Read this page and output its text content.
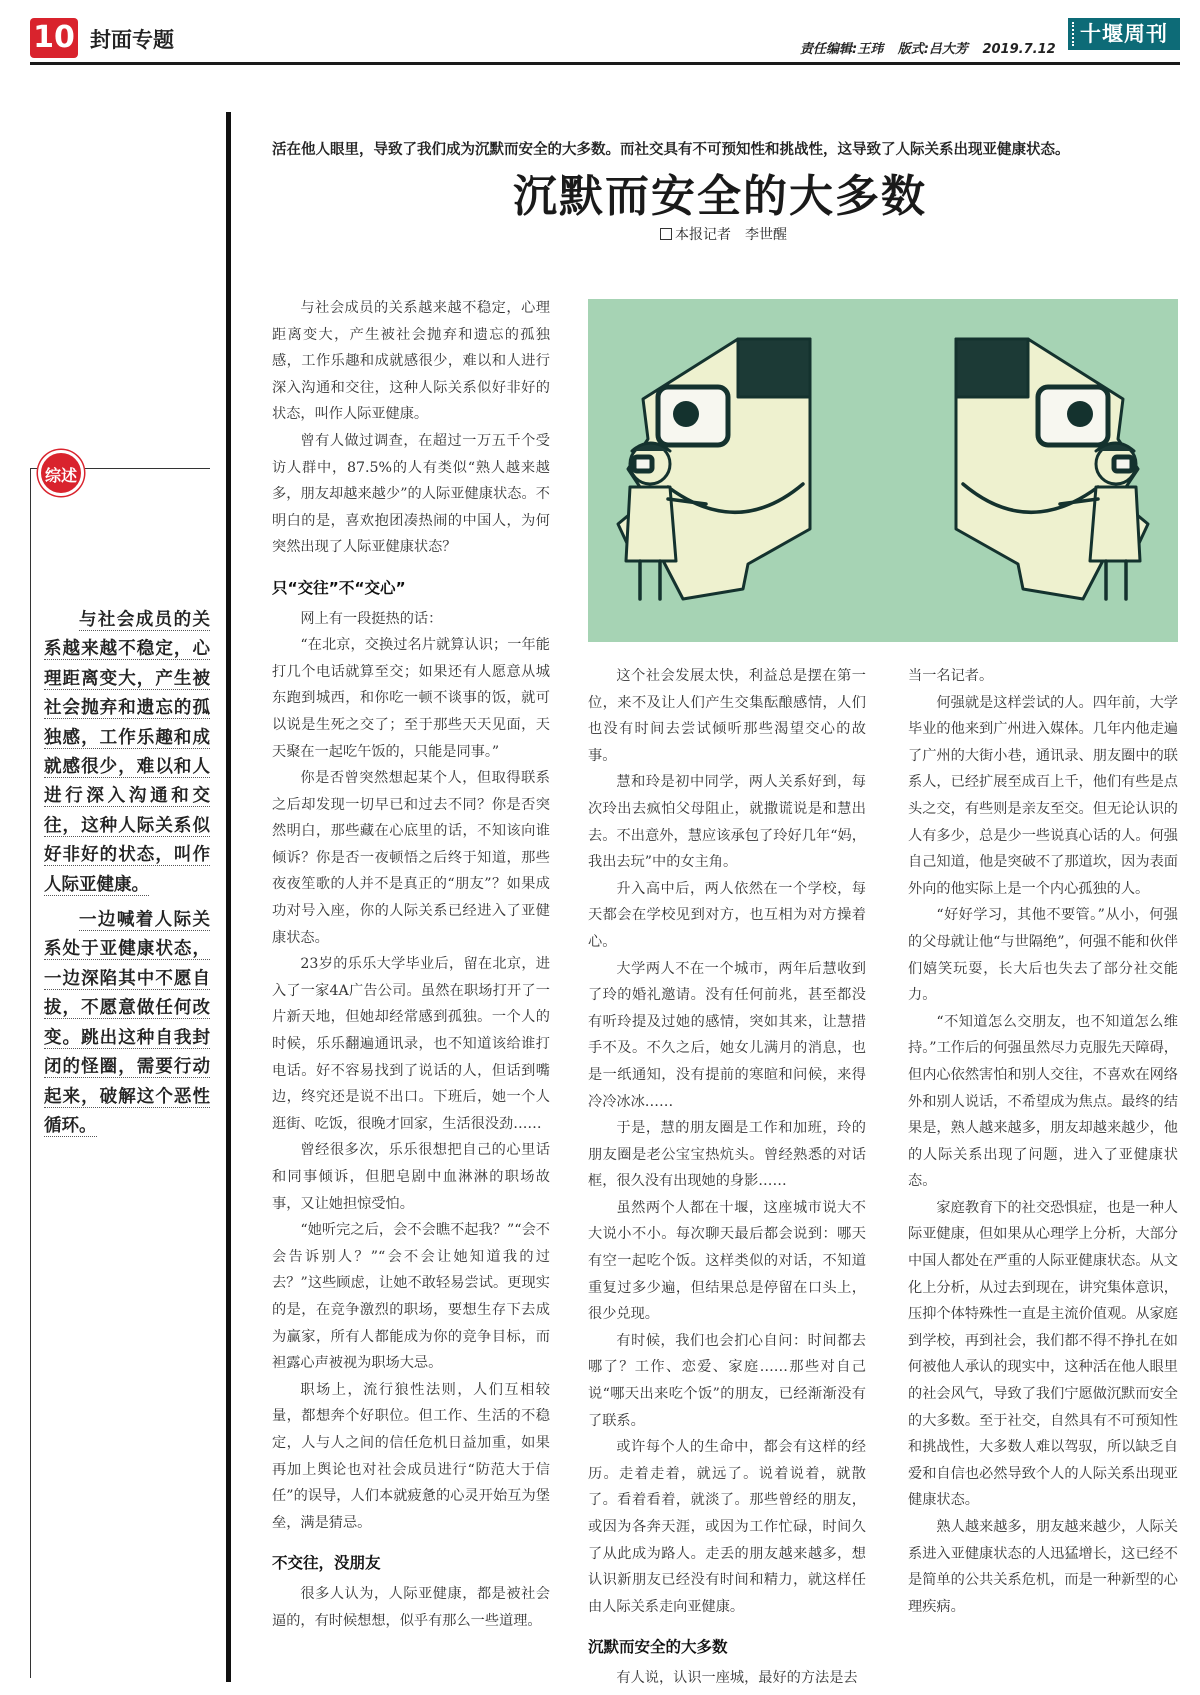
10 封面专题	责任编辑:王玮 版式:吕大芳 2019.7.12
十堰周刊
活在他人眼里，导致了我们成为沉默而安全的大多数。而社交具有不可预知性和挑战性，这导致了人际关系出现亚健康状态。
沉默而安全的大多数
本报记者　李世醒
综述

与社会成员的关系越来越不稳定，心理距离变大，产生被社会抛弃和遗忘的孤独感，工作乐趣和成就感很少，难以和人进行深入沟通和交往，这种人际关系似好非好的状态，叫作人际亚健康。

一边喊着人际关系处于亚健康状态，一边深陷其中不愿自拔，不愿意做任何改变。跳出这种自我封闭的怪圈，需要行动起来，破解这个恶性循环。

与社会成员的关系越来越不稳定，心理距离变大，产生被社会抛弃和遗忘的孤独感，工作乐趣和成就感很少，难以和人进行深入沟通和交往，这种人际关系似好非好的状态，叫作人际亚健康。

曾有人做过调查，在超过一万五千个受访人群中，87.5%的人有类似“熟人越来越多，朋友却越来越少”的人际亚健康状态。不明白的是，喜欢抱团凑热闹的中国人，为何突然出现了人际亚健康状态？

只“交往”不“交心”

网上有一段挺热的话：

“在北京，交换过名片就算认识；一年能打几个电话就算至交；如果还有人愿意从城东跑到城西，和你吃一顿不谈事的饭，就可以说是生死之交了；至于那些天天见面，天天聚在一起吃午饭的，只能是同事。”

你是否曾突然想起某个人，但取得联系之后却发现一切早已和过去不同？你是否突然明白，那些藏在心底里的话，不知该向谁倾诉？你是否一夜顿悟之后终于知道，那些夜夜笙歌的人并不是真正的“朋友”？如果成功对号入座，你的人际关系已经进入了亚健康状态。

23岁的乐乐大学毕业后，留在北京，进入了一家4A广告公司。虽然在职场打开了一片新天地，但她却经常感到孤独。一个人的时候，乐乐翻遍通讯录，也不知道该给谁打电话。好不容易找到了说话的人，但话到嘴边，终究还是说不出口。下班后，她一个人逛街、吃饭，很晚才回家，生活很没劲……

曾经很多次，乐乐很想把自己的心里话和同事倾诉，但肥皂剧中血淋淋的职场故事，又让她担惊受怕。

“她听完之后，会不会瞧不起我？”“会不会告诉别人？”“会不会让她知道我的过去？”这些顾虑，让她不敢轻易尝试。更现实的是，在竞争激烈的职场，要想生存下去成为赢家，所有人都能成为你的竞争目标，而袒露心声被视为职场大忌。

职场上，流行狼性法则，人们互相较量，都想奔个好职位。但工作、生活的不稳定，人与人之间的信任危机日益加重，如果再加上舆论也对社会成员进行“防范大于信任”的误导，人们本就疲惫的心灵开始互为堡垒，满是猜忌。

不交往，没朋友

很多人认为，人际亚健康，都是被社会逼的，有时候想想，似乎有那么一些道理。

这个社会发展太快，利益总是摆在第一位，来不及让人们产生交集酝酿感情，人们也没有时间去尝试倾听那些渴望交心的故事。

慧和玲是初中同学，两人关系好到，每次玲出去疯怕父母阻止，就撒谎说是和慧出去。不出意外，慧应该承包了玲好几年“妈，我出去玩”中的女主角。

升入高中后，两人依然在一个学校，每天都会在学校见到对方，也互相为对方操着心。

大学两人不在一个城市，两年后慧收到了玲的婚礼邀请。没有任何前兆，甚至都没有听玲提及过她的感情，突如其来，让慧措手不及。不久之后，她女儿满月的消息，也是一纸通知，没有提前的寒暄和问候，来得冷冷冰冰……

于是，慧的朋友圈是工作和加班，玲的朋友圈是老公宝宝热炕头。曾经熟悉的对话框，很久没有出现她的身影……

虽然两个人都在十堰，这座城市说大不大说小不小。每次聊天最后都会说到：哪天有空一起吃个饭。这样类似的对话，不知道重复过多少遍，但结果总是停留在口头上，很少兑现。

有时候，我们也会扪心自问：时间都去哪了？工作、恋爱、家庭……那些对自己说“哪天出来吃个饭”的朋友，已经渐渐没有了联系。

或许每个人的生命中，都会有这样的经历。走着走着，就远了。说着说着，就散了。看着看着，就淡了。那些曾经的朋友，或因为各奔天涯，或因为工作忙碌，时间久了从此成为路人。走丢的朋友越来越多，想认识新朋友已经没有时间和精力，就这样任由人际关系走向亚健康。

沉默而安全的大多数

有人说，认识一座城，最好的方法是去

当一名记者。

何强就是这样尝试的人。四年前，大学毕业的他来到广州进入媒体。几年内他走遍了广州的大街小巷，通讯录、朋友圈中的联系人，已经扩展至成百上千，他们有些是点头之交，有些则是亲友至交。但无论认识的人有多少，总是少一些说真心话的人。何强自己知道，他是突破不了那道坎，因为表面外向的他实际上是一个内心孤独的人。

“好好学习，其他不要管。”从小，何强的父母就让他“与世隔绝”，何强不能和伙伴们嬉笑玩耍，长大后也失去了部分社交能力。

“不知道怎么交朋友，也不知道怎么维持。”工作后的何强虽然尽力克服先天障碍，但内心依然害怕和别人交往，不喜欢在网络外和别人说话，不希望成为焦点。最终的结果是，熟人越来越多，朋友却越来越少，他的人际关系出现了问题，进入了亚健康状态。

家庭教育下的社交恐惧症，也是一种人际亚健康，但如果从心理学上分析，大部分中国人都处在严重的人际亚健康状态。从文化上分析，从过去到现在，讲究集体意识，压抑个体特殊性一直是主流价值观。从家庭到学校，再到社会，我们都不得不挣扎在如何被他人承认的现实中，这种活在他人眼里的社会风气，导致了我们宁愿做沉默而安全的大多数。至于社交，自然具有不可预知性和挑战性，大多数人难以驾驭，所以缺乏自爱和自信也必然导致个人的人际关系出现亚健康状态。

熟人越来越多，朋友越来越少，人际关系进入亚健康状态的人迅猛增长，这已经不是简单的公共关系危机，而是一种新型的心理疾病。
